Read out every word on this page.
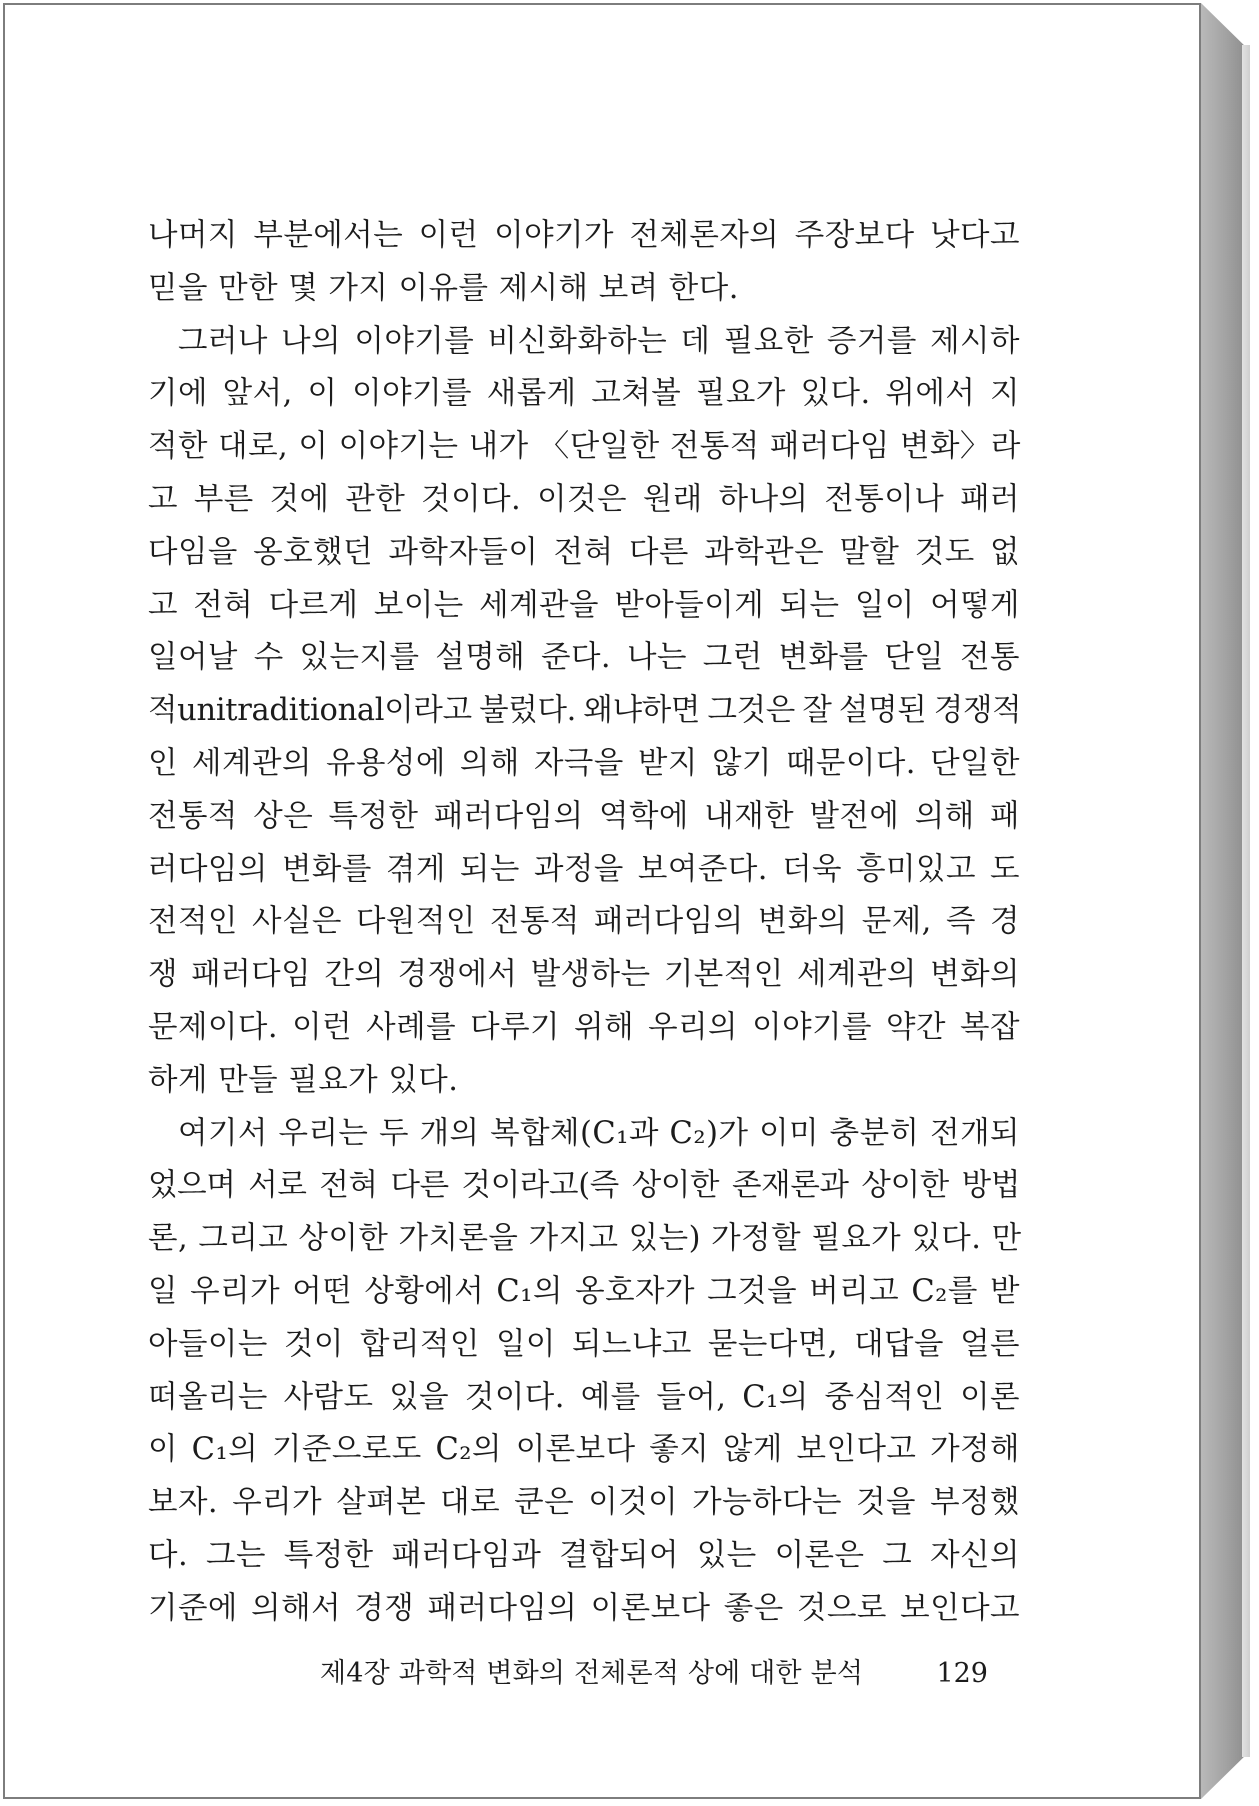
나머지 부분에서는 이런 이야기가 전체론자의 주장보다 낫다고
믿을 만한 몇 가지 이유를 제시해 보려 한다.
그러나 나의 이야기를 비신화화하는 데 필요한 증거를 제시하
기에 앞서, 이 이야기를 새롭게 고쳐볼 필요가 있다. 위에서 지
적한 대로, 이 이야기는 내가 〈단일한 전통적 패러다임 변화〉라
고 부른 것에 관한 것이다. 이것은 원래 하나의 전통이나 패러
다임을 옹호했던 과학자들이 전혀 다른 과학관은 말할 것도 없
고 전혀 다르게 보이는 세계관을 받아들이게 되는 일이 어떻게
일어날 수 있는지를 설명해 준다. 나는 그런 변화를 단일 전통
적unitraditional이라고 불렀다. 왜냐하면 그것은 잘 설명된 경쟁적
인 세계관의 유용성에 의해 자극을 받지 않기 때문이다. 단일한
전통적 상은 특정한 패러다임의 역학에 내재한 발전에 의해 패
러다임의 변화를 겪게 되는 과정을 보여준다. 더욱 흥미있고 도
전적인 사실은 다원적인 전통적 패러다임의 변화의 문제, 즉 경
쟁 패러다임 간의 경쟁에서 발생하는 기본적인 세계관의 변화의
문제이다. 이런 사례를 다루기 위해 우리의 이야기를 약간 복잡
하게 만들 필요가 있다.
여기서 우리는 두 개의 복합체(C₁과 C₂)가 이미 충분히 전개되
었으며 서로 전혀 다른 것이라고(즉 상이한 존재론과 상이한 방법
론, 그리고 상이한 가치론을 가지고 있는) 가정할 필요가 있다. 만
일 우리가 어떤 상황에서 C₁의 옹호자가 그것을 버리고 C₂를 받
아들이는 것이 합리적인 일이 되느냐고 묻는다면, 대답을 얼른
떠올리는 사람도 있을 것이다. 예를 들어, C₁의 중심적인 이론
이 C₁의 기준으로도 C₂의 이론보다 좋지 않게 보인다고 가정해
보자. 우리가 살펴본 대로 쿤은 이것이 가능하다는 것을 부정했
다. 그는 특정한 패러다임과 결합되어 있는 이론은 그 자신의
기준에 의해서 경쟁 패러다임의 이론보다 좋은 것으로 보인다고
제4장 과학적 변화의 전체론적 상에 대한 분석	129
